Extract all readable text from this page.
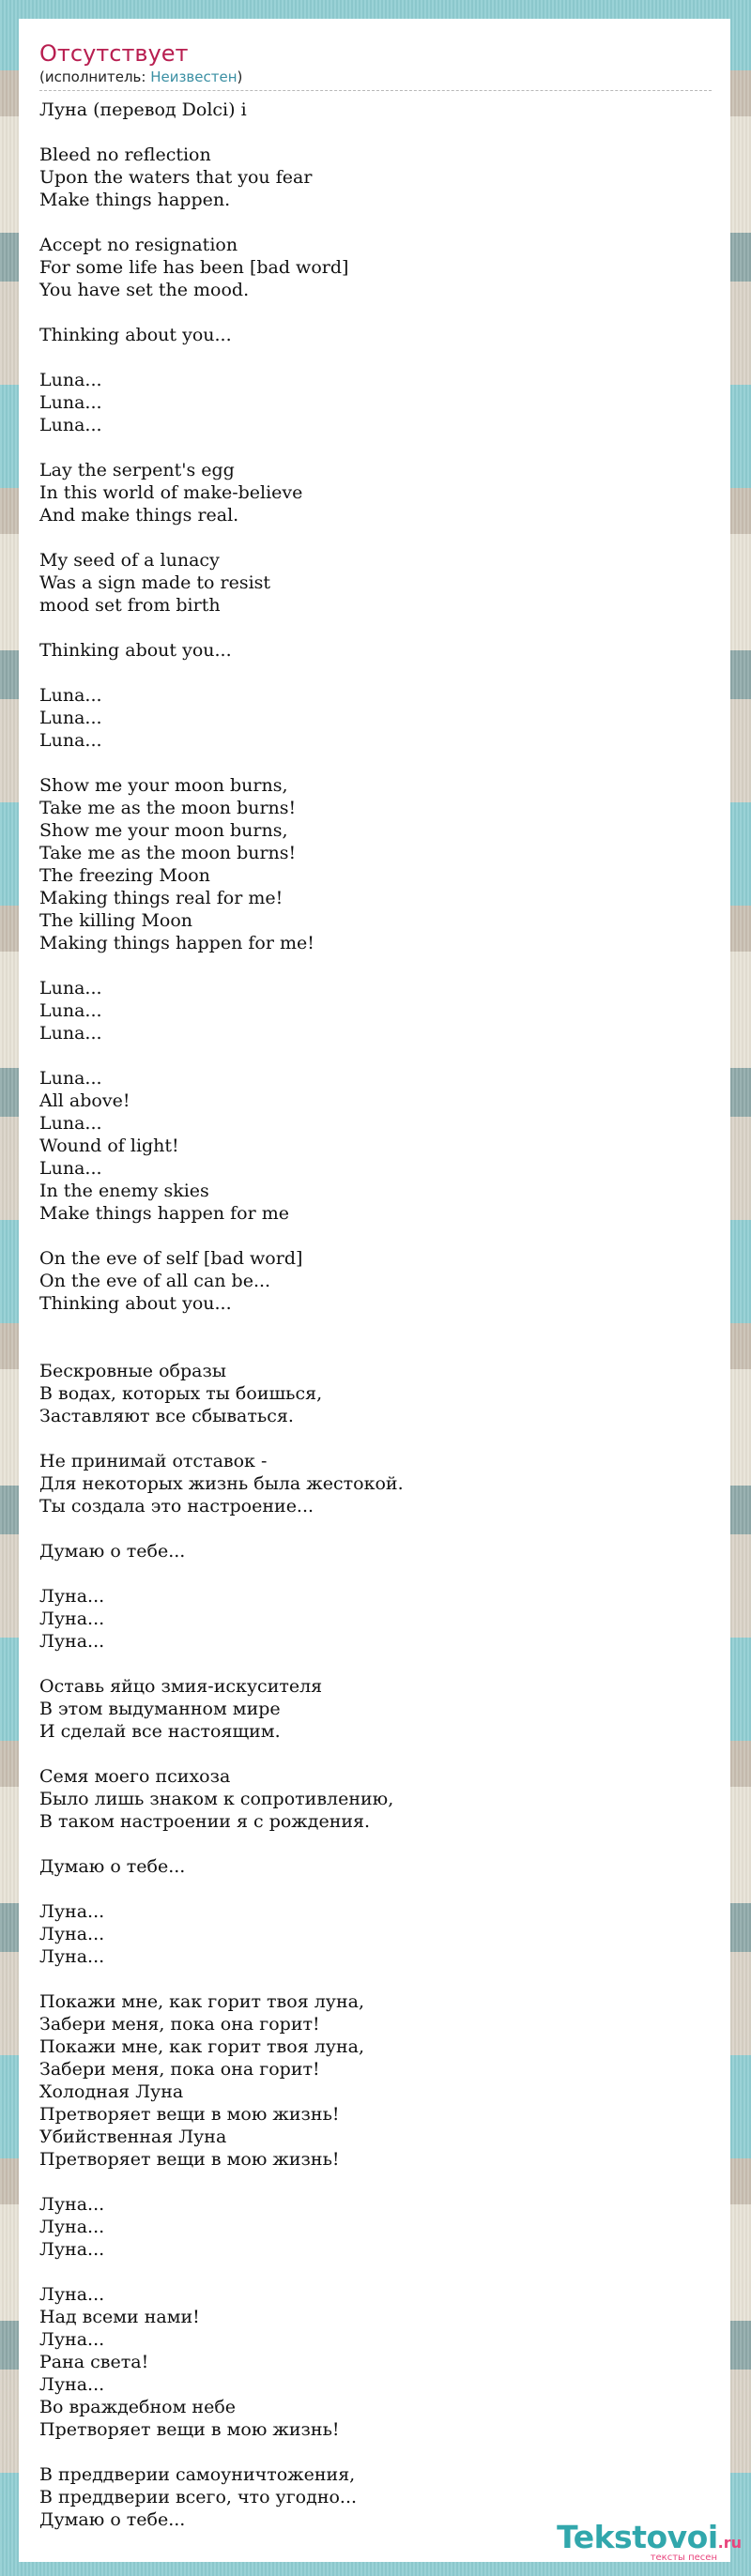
Отсутствует
(исполнитель: Неизвестен)
Луна (перевод Dolci) i
Bleed no reflection
Upon the waters that you fear
Make things happen.
Accept no resignation
For some life has been [bad word]
You have set the mood.
Thinking about you...
Luna...
Luna...
Luna...
Lay the serpent's egg
In this world of make-believe
And make things real.
My seed of a lunacy
Was a sign made to resist
mood set from birth
Thinking about you...
Luna...
Luna...
Luna...
Show me your moon burns,
Take me as the moon burns!
Show me your moon burns,
Take me as the moon burns!
The freezing Moon
Making things real for me!
The killing Moon
Making things happen for me!
Luna...
Luna...
Luna...
Luna...
All above!
Luna...
Wound of light!
Luna...
In the enemy skies
Make things happen for me
On the eve of self [bad word]
On the eve of all can be...
Thinking about you...
Бескровные образы
В водах, которых ты боишься,
Заставляют все сбываться.
Не принимай отставок -
Для некоторых жизнь была жестокой.
Ты создала это настроение...
Думаю о тебе...
Луна...
Луна...
Луна...
Оставь яйцо змия-искусителя
В этом выдуманном мире
И сделай все настоящим.
Семя моего психоза
Было лишь знаком к сопротивлению,
В таком настроении я с рождения.
Думаю о тебе...
Луна...
Луна...
Луна...
Покажи мне, как горит твоя луна,
Забери меня, пока она горит!
Покажи мне, как горит твоя луна,
Забери меня, пока она горит!
Холодная Луна
Претворяет вещи в мою жизнь!
Убийственная Луна
Претворяет вещи в мою жизнь!
Луна...
Луна...
Луна...
Луна...
Над всеми нами!
Луна...
Рана света!
Луна...
Во враждебном небе
Претворяет вещи в мою жизнь!
В преддверии самоуничтожения,
В преддверии всего, что угодно...
Думаю о тебе...	Tekstovoi.ru
тексты песен
